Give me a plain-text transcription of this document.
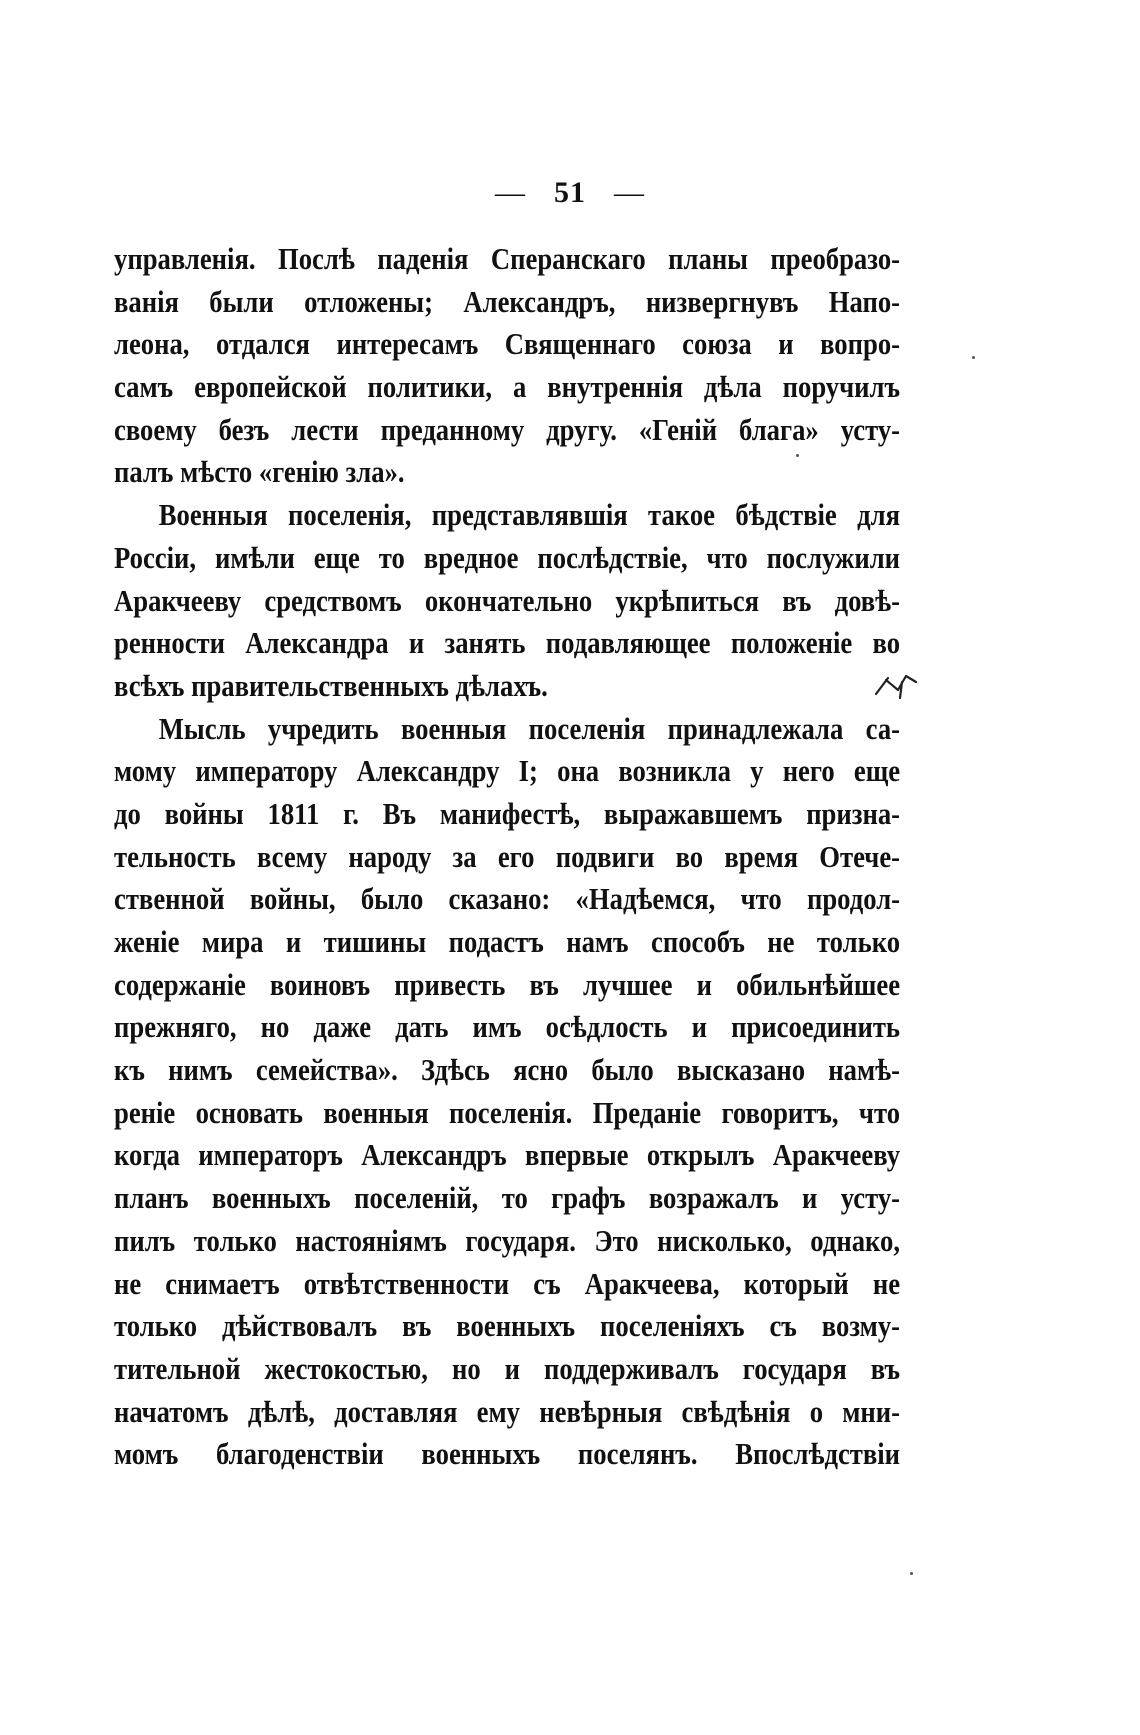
— 51 —
управленія. Послѣ паденія Сперанскаго планы преобразо-
ванія были отложены; Александръ, низвергнувъ Напо-
леона, отдался интересамъ Священнаго союза и вопро-
самъ европейской политики, а внутреннія дѣла поручилъ
своему безъ лести преданному другу. «Геній блага» усту-
палъ мѣсто «генію зла».
Военныя поселенія, представлявшія такое бѣдствіе для
Россіи, имѣли еще то вредное послѣдствіе, что послужили
Аракчееву средствомъ окончательно укрѣпиться въ довѣ-
ренности Александра и занять подавляющее положеніе во
всѣхъ правительственныхъ дѣлахъ.
Мысль учредить военныя поселенія принадлежала са-
мому императору Александру I; она возникла у него еще
до войны 1811 г. Въ манифестѣ, выражавшемъ призна-
тельность всему народу за его подвиги во время Отече-
ственной войны, было сказано: «Надѣемся, что продол-
женіе мира и тишины подастъ намъ способъ не только
содержаніе воиновъ привесть въ лучшее и обильнѣйшее
прежняго, но даже дать имъ осѣдлость и присоединить
къ нимъ семейства». Здѣсь ясно было высказано намѣ-
реніе основать военныя поселенія. Преданіе говоритъ, что
когда императоръ Александръ впервые открылъ Аракчееву
планъ военныхъ поселеній, то графъ возражалъ и усту-
пилъ только настояніямъ государя. Это нисколько, однако,
не снимаетъ отвѣтственности съ Аракчеева, который не
только дѣйствовалъ въ военныхъ поселеніяхъ съ возму-
тительной жестокостью, но и поддерживалъ государя въ
начатомъ дѣлѣ, доставляя ему невѣрныя свѣдѣнія о мни-
момъ благоденствіи военныхъ поселянъ. Впослѣдствіи
